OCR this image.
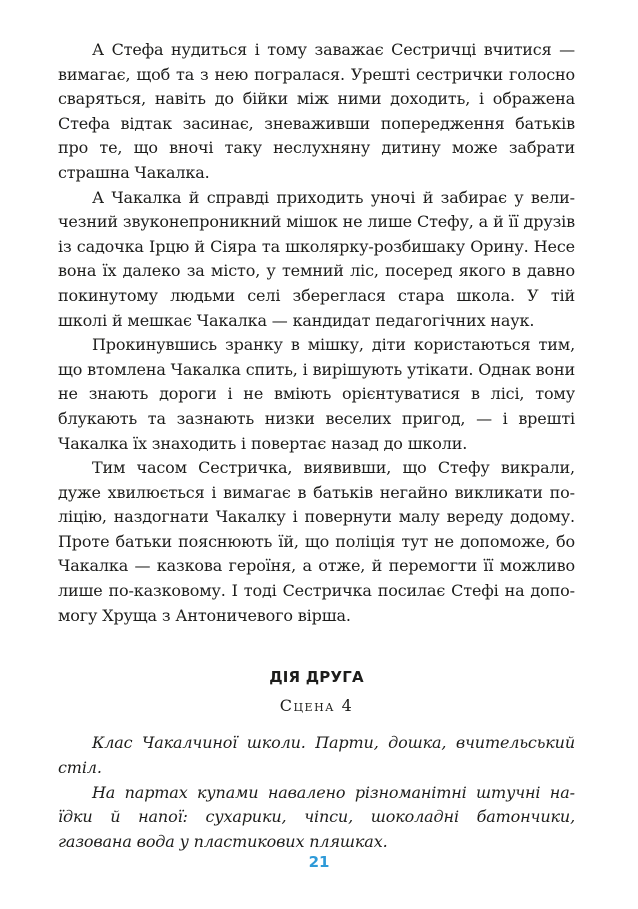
А Стефа нудиться і тому заважає Сестричці вчитися — вимагає, щоб та з нею погралася. Урешті сестрички голосно сваряться, навіть до бійки між ними доходить, і ображена Стефа відтак засинає, зневаживши попередження батьків про те, що вночі таку неслухняну дитину може забрати страшна Чакалка.

А Чакалка й справді приходить уночі й забирає у величезний звуконепроникний мішок не лише Стефу, а й її друзів із садочка Ірцю й Сіяра та школярку-розбишаку Орину. Несе вона їх далеко за місто, у темний ліс, посеред якого в давно покинутому людьми селі збереглася стара школа. У тій школі й мешкає Чакалка — кандидат педагогічних наук.

Прокинувшись зранку в мішку, діти користаються тим, що втомлена Чакалка спить, і вирішують утікати. Однак вони не знають дороги і не вміють орієнтуватися в лісі, тому блукають та зазнають низки веселих пригод, — і врешті Чакалка їх знаходить і повертає назад до школи.

Тим часом Сестричка, виявивши, що Стефу викрали, дуже хвилюється і вимагає в батьків негайно викликати поліцію, наздогнати Чакалку і повернути малу вереду додому. Проте батьки пояснюють їй, що поліція тут не допоможе, бо Чакалка — казкова героїня, а отже, й перемогти її можливо лише по-казковому. І тоді Сестричка посилає Стефі на допомогу Хруща з Антоничевого вірша.

ДІЯ ДРУГА
Сцена 4

Клас Чакалчиної школи. Парти, дошка, вчительський стіл.

На партах купами навалено різноманітні штучні наїдки й напої: сухарики, чіпси, шоколадні батончики, газована вода у пластикових пляшках.

21
